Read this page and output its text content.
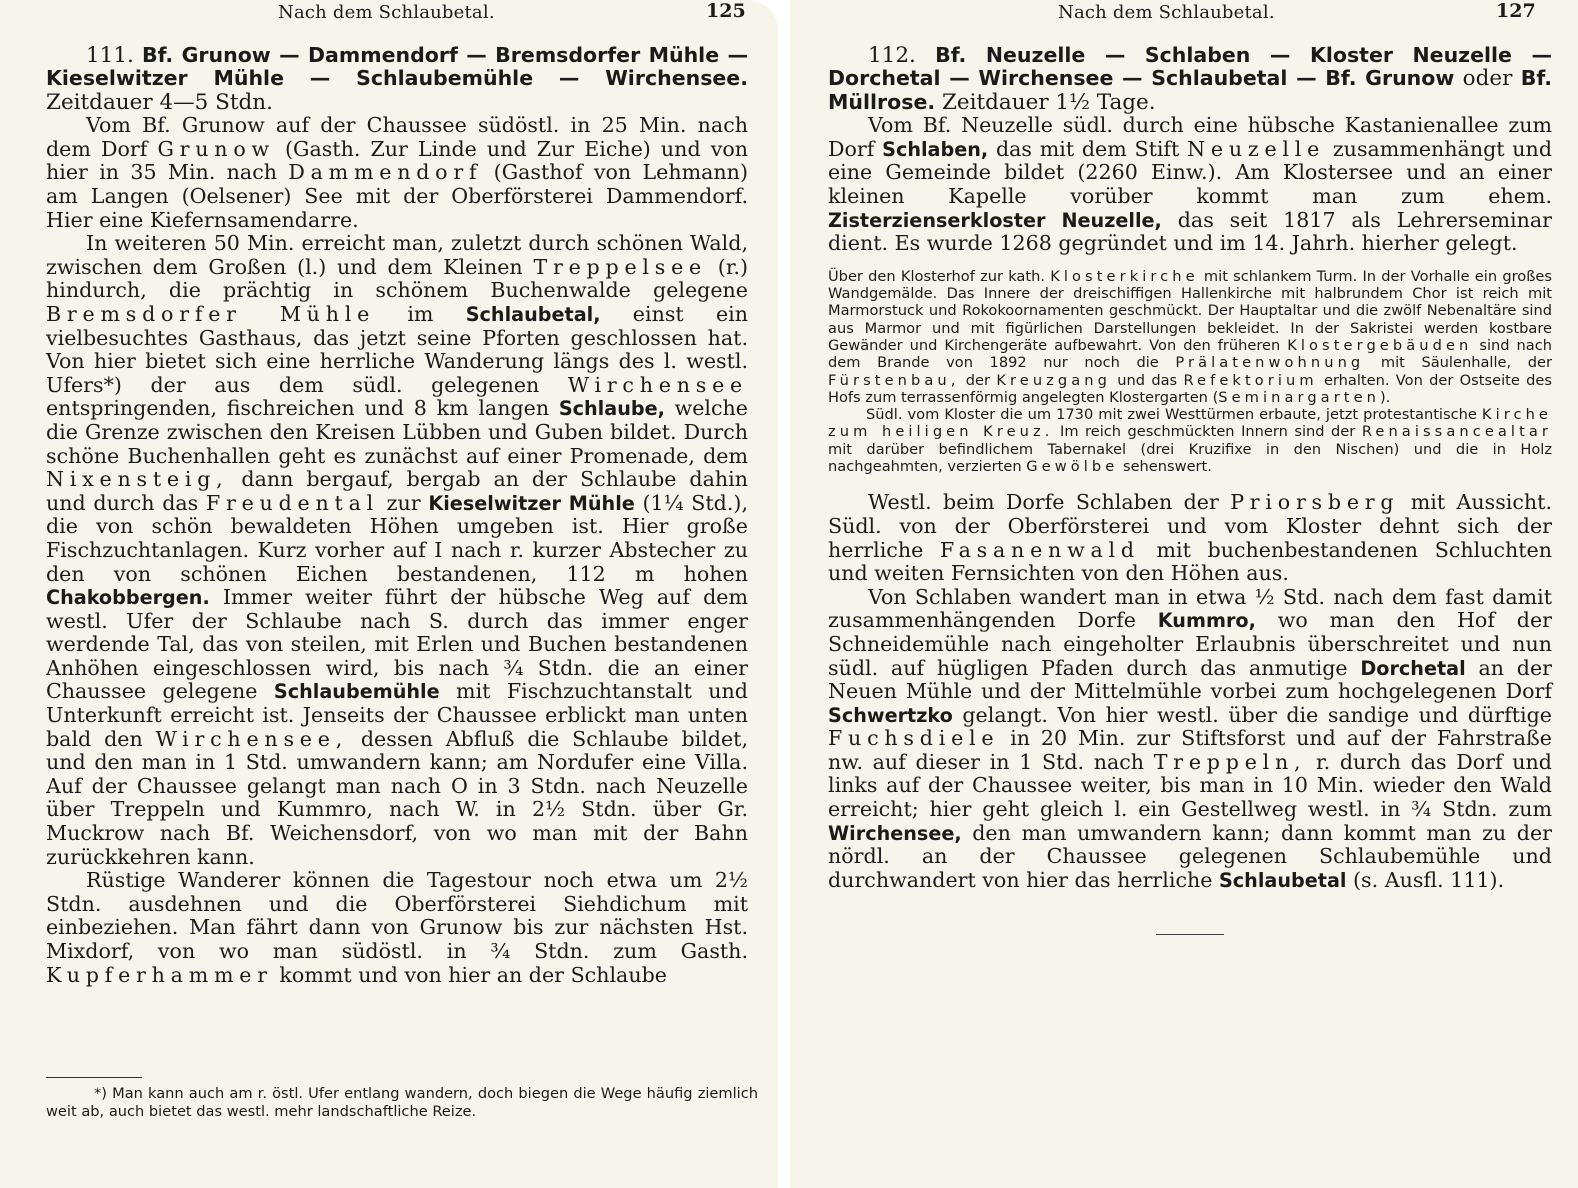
Nach dem Schlaubetal.	125

111. Bf. Grunow — Dammendorf — Bremsdorfer Mühle — Kieselwitzer Mühle — Schlaubemühle — Wirchensee. Zeitdauer 4—5 Stdn.

Vom Bf. Grunow auf der Chaussee südöstl. in 25 Min. nach dem Dorf Grunow (Gasth. Zur Linde und Zur Eiche) und von hier in 35 Min. nach Dammendorf (Gasthof von Lehmann) am Langen (Oelsener) See mit der Oberförsterei Dammendorf. Hier eine Kiefernsamendarre.

In weiteren 50 Min. erreicht man, zuletzt durch schönen Wald, zwischen dem Großen (l.) und dem Kleinen Treppelsee (r.) hindurch, die prächtig in schönem Buchenwalde gelegene Bremsdorfer Mühle im Schlaubetal, einst ein vielbesuchtes Gasthaus, das jetzt seine Pforten geschlossen hat. Von hier bietet sich eine herrliche Wanderung längs des l. westl. Ufers*) der aus dem südl. gelegenen Wirchensee entspringenden, fischreichen und 8 km langen Schlaube, welche die Grenze zwischen den Kreisen Lübben und Guben bildet. Durch schöne Buchenhallen geht es zunächst auf einer Promenade, dem Nixensteig, dann bergauf, bergab an der Schlaube dahin und durch das Freudental zur Kieselwitzer Mühle (1¼ Std.), die von schön bewaldeten Höhen umgeben ist. Hier große Fischzuchtanlagen. Kurz vorher auf I nach r. kurzer Abstecher zu den von schönen Eichen bestandenen, 112 m hohen Chakobbergen. Immer weiter führt der hübsche Weg auf dem westl. Ufer der Schlaube nach S. durch das immer enger werdende Tal, das von steilen, mit Erlen und Buchen bestandenen Anhöhen eingeschlossen wird, bis nach ¾ Stdn. die an einer Chaussee gelegene Schlaubemühle mit Fischzuchtanstalt und Unterkunft erreicht ist. Jenseits der Chaussee erblickt man unten bald den Wirchensee, dessen Abfluß die Schlaube bildet, und den man in 1 Std. umwandern kann; am Nordufer eine Villa. Auf der Chaussee gelangt man nach O in 3 Stdn. nach Neuzelle über Treppeln und Kummro, nach W. in 2½ Stdn. über Gr. Muckrow nach Bf. Weichensdorf, von wo man mit der Bahn zurückkehren kann.

Rüstige Wanderer können die Tagestour noch etwa um 2½ Stdn. ausdehnen und die Oberförsterei Siehdichum mit einbeziehen. Man fährt dann von Grunow bis zur nächsten Hst. Mixdorf, von wo man südöstl. in ¾ Stdn. zum Gasth. Kupferhammer kommt und von hier an der Schlaube

*) Man kann auch am r. östl. Ufer entlang wandern, doch biegen die Wege häufig ziemlich weit ab, auch bietet das westl. mehr landschaftliche Reize.

Nach dem Schlaubetal.	127

112. Bf. Neuzelle — Schlaben — Kloster Neuzelle — Dorchetal — Wirchensee — Schlaubetal — Bf. Grunow oder Bf. Müllrose. Zeitdauer 1½ Tage.

Vom Bf. Neuzelle südl. durch eine hübsche Kastanienallee zum Dorf Schlaben, das mit dem Stift Neuzelle zusammenhängt und eine Gemeinde bildet (2260 Einw.). Am Klostersee und an einer kleinen Kapelle vorüber kommt man zum ehem. Zisterzienserkloster Neuzelle, das seit 1817 als Lehrerseminar dient. Es wurde 1268 gegründet und im 14. Jahrh. hierher gelegt.

Über den Klosterhof zur kath. Klosterkirche mit schlankem Turm. In der Vorhalle ein großes Wandgemälde. Das Innere der dreischiffigen Hallenkirche mit halbrundem Chor ist reich mit Marmorstuck und Rokokoornamenten geschmückt. Der Hauptaltar und die zwölf Nebenaltäre sind aus Marmor und mit figürlichen Darstellungen bekleidet. In der Sakristei werden kostbare Gewänder und Kirchengeräte aufbewahrt. Von den früheren Klostergebäuden sind nach dem Brande von 1892 nur noch die Prälatenwohnung mit Säulenhalle, der Fürstenbau, der Kreuzgang und das Refektorium erhalten. Von der Ostseite des Hofs zum terrassenförmig angelegten Klostergarten (Seminargarten).

Südl. vom Kloster die um 1730 mit zwei Westtürmen erbaute, jetzt protestantische Kirche zum heiligen Kreuz. Im reich geschmückten Innern sind der Renaissancealtar mit darüber befindlichem Tabernakel (drei Kruzifixe in den Nischen) und die in Holz nachgeahmten, verzierten Gewölbe sehenswert.

Westl. beim Dorfe Schlaben der Priorsberg mit Aussicht. Südl. von der Oberförsterei und vom Kloster dehnt sich der herrliche Fasanenwald mit buchenbestandenen Schluchten und weiten Fernsichten von den Höhen aus.

Von Schlaben wandert man in etwa ½ Std. nach dem fast damit zusammenhängenden Dorfe Kummro, wo man den Hof der Schneidemühle nach eingeholter Erlaubnis überschreitet und nun südl. auf hügligen Pfaden durch das anmutige Dorchetal an der Neuen Mühle und der Mittelmühle vorbei zum hochgelegenen Dorf Schwertzko gelangt. Von hier westl. über die sandige und dürftige Fuchsdiele in 20 Min. zur Stiftsforst und auf der Fahrstraße nw. auf dieser in 1 Std. nach Treppeln, r. durch das Dorf und links auf der Chaussee weiter, bis man in 10 Min. wieder den Wald erreicht; hier geht gleich l. ein Gestellweg westl. in ¾ Stdn. zum Wirchensee, den man umwandern kann; dann kommt man zu der nördl. an der Chaussee gelegenen Schlaubemühle und durchwandert von hier das herrliche Schlaubetal (s. Ausfl. 111).
